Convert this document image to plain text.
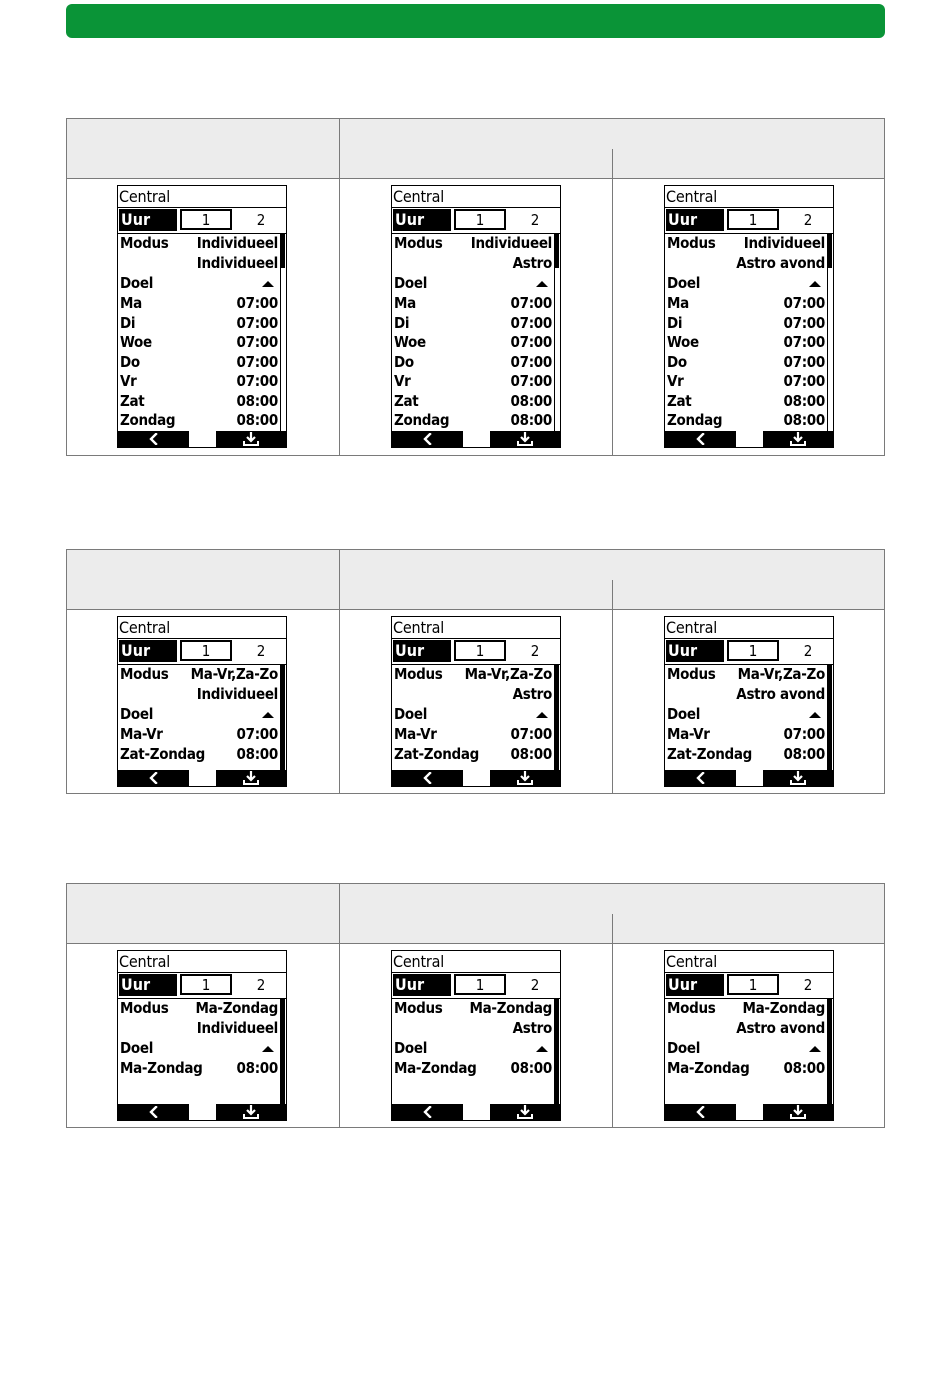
Central
Uur	1	2
Modus Individueel
Individueel
Doel
Ma	07:00
Di	07:00
Woe	07:00
Do	07:00
Vr	07:00
Zat	08:00
Zondag	08:00
Central
Uur	1	2
Modus Individueel
Astro
Doel
Ma	07:00
Di	07:00
Woe	07:00
Do	07:00
Vr	07:00
Zat	08:00
Zondag	08:00
Central
Uur	1	2
Modus Individueel
Astro avond
Doel
Ma	07:00
Di	07:00
Woe	07:00
Do	07:00
Vr	07:00
Zat	08:00
Zondag	08:00
Central
Uur	1	2
Modus Ma-Vr,Za-Zo
Individueel
Doel
Ma-Vr	07:00
Zat-Zondag 08:00
Central
Uur	1	2
Modus Ma-Vr,Za-Zo
Astro
Doel
Ma-Vr	07:00
Zat-Zondag 08:00
Central
Uur	1	2
Modus Ma-Vr,Za-Zo
Astro avond
Doel
Ma-Vr	07:00
Zat-Zondag 08:00
Central
Uur	1	2
Modus Ma-Zondag
Individueel
Doel
Ma-Zondag 08:00
Central
Uur	1	2
Modus Ma-Zondag
Astro
Doel
Ma-Zondag 08:00
Central
Uur	1	2
Modus Ma-Zondag
Astro avond
Doel
Ma-Zondag 08:00
